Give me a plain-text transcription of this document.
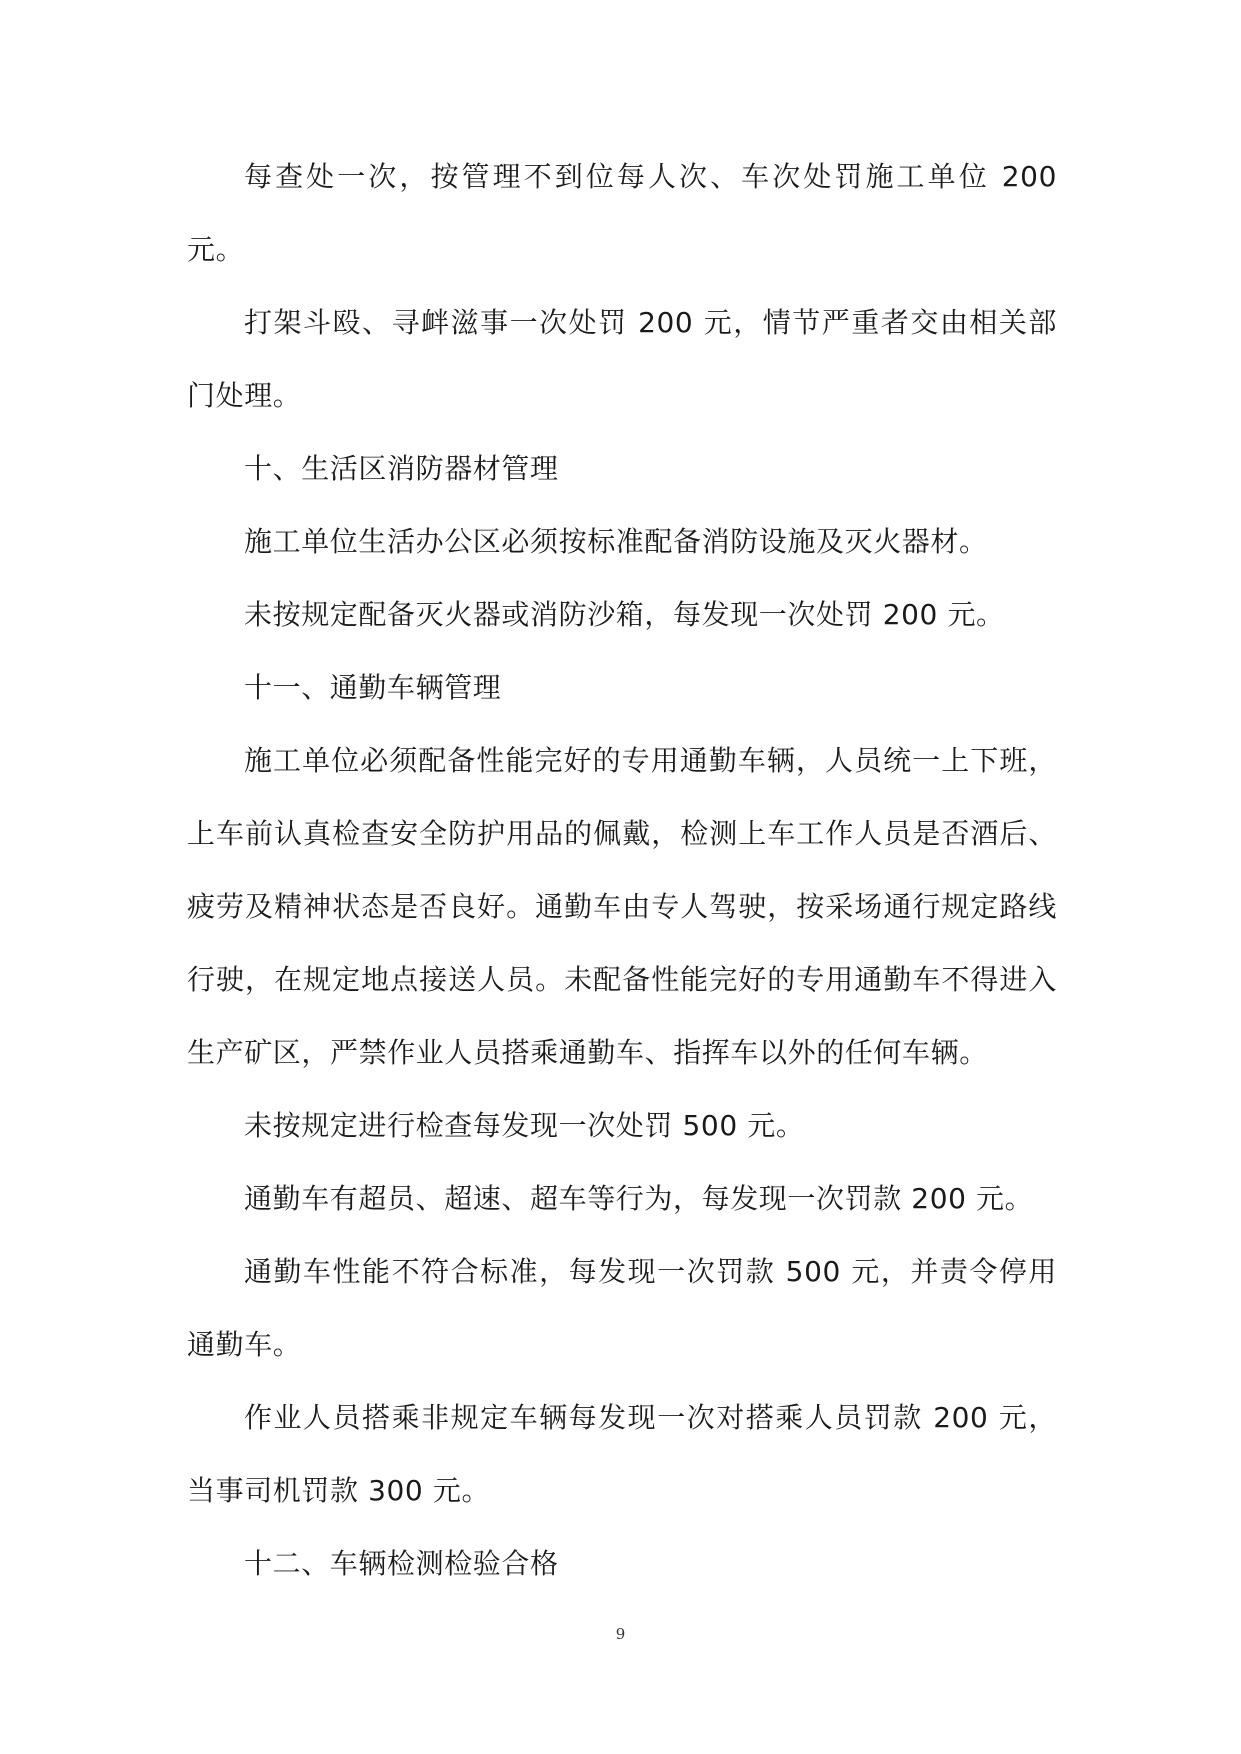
每查处一次，按管理不到位每人次、车次处罚施工单位 200 元。

打架斗殴、寻衅滋事一次处罚 200 元，情节严重者交由相关部门处理。

十、生活区消防器材管理

施工单位生活办公区必须按标准配备消防设施及灭火器材。

未按规定配备灭火器或消防沙箱，每发现一次处罚 200 元。

十一、通勤车辆管理

施工单位必须配备性能完好的专用通勤车辆，人员统一上下班，上车前认真检查安全防护用品的佩戴，检测上车工作人员是否酒后、疲劳及精神状态是否良好。通勤车由专人驾驶，按采场通行规定路线行驶，在规定地点接送人员。未配备性能完好的专用通勤车不得进入生产矿区，严禁作业人员搭乘通勤车、指挥车以外的任何车辆。

未按规定进行检查每发现一次处罚 500 元。

通勤车有超员、超速、超车等行为，每发现一次罚款 200 元。

通勤车性能不符合标准，每发现一次罚款 500 元，并责令停用通勤车。

作业人员搭乘非规定车辆每发现一次对搭乘人员罚款 200 元，当事司机罚款 300 元。

十二、车辆检测检验合格

9
